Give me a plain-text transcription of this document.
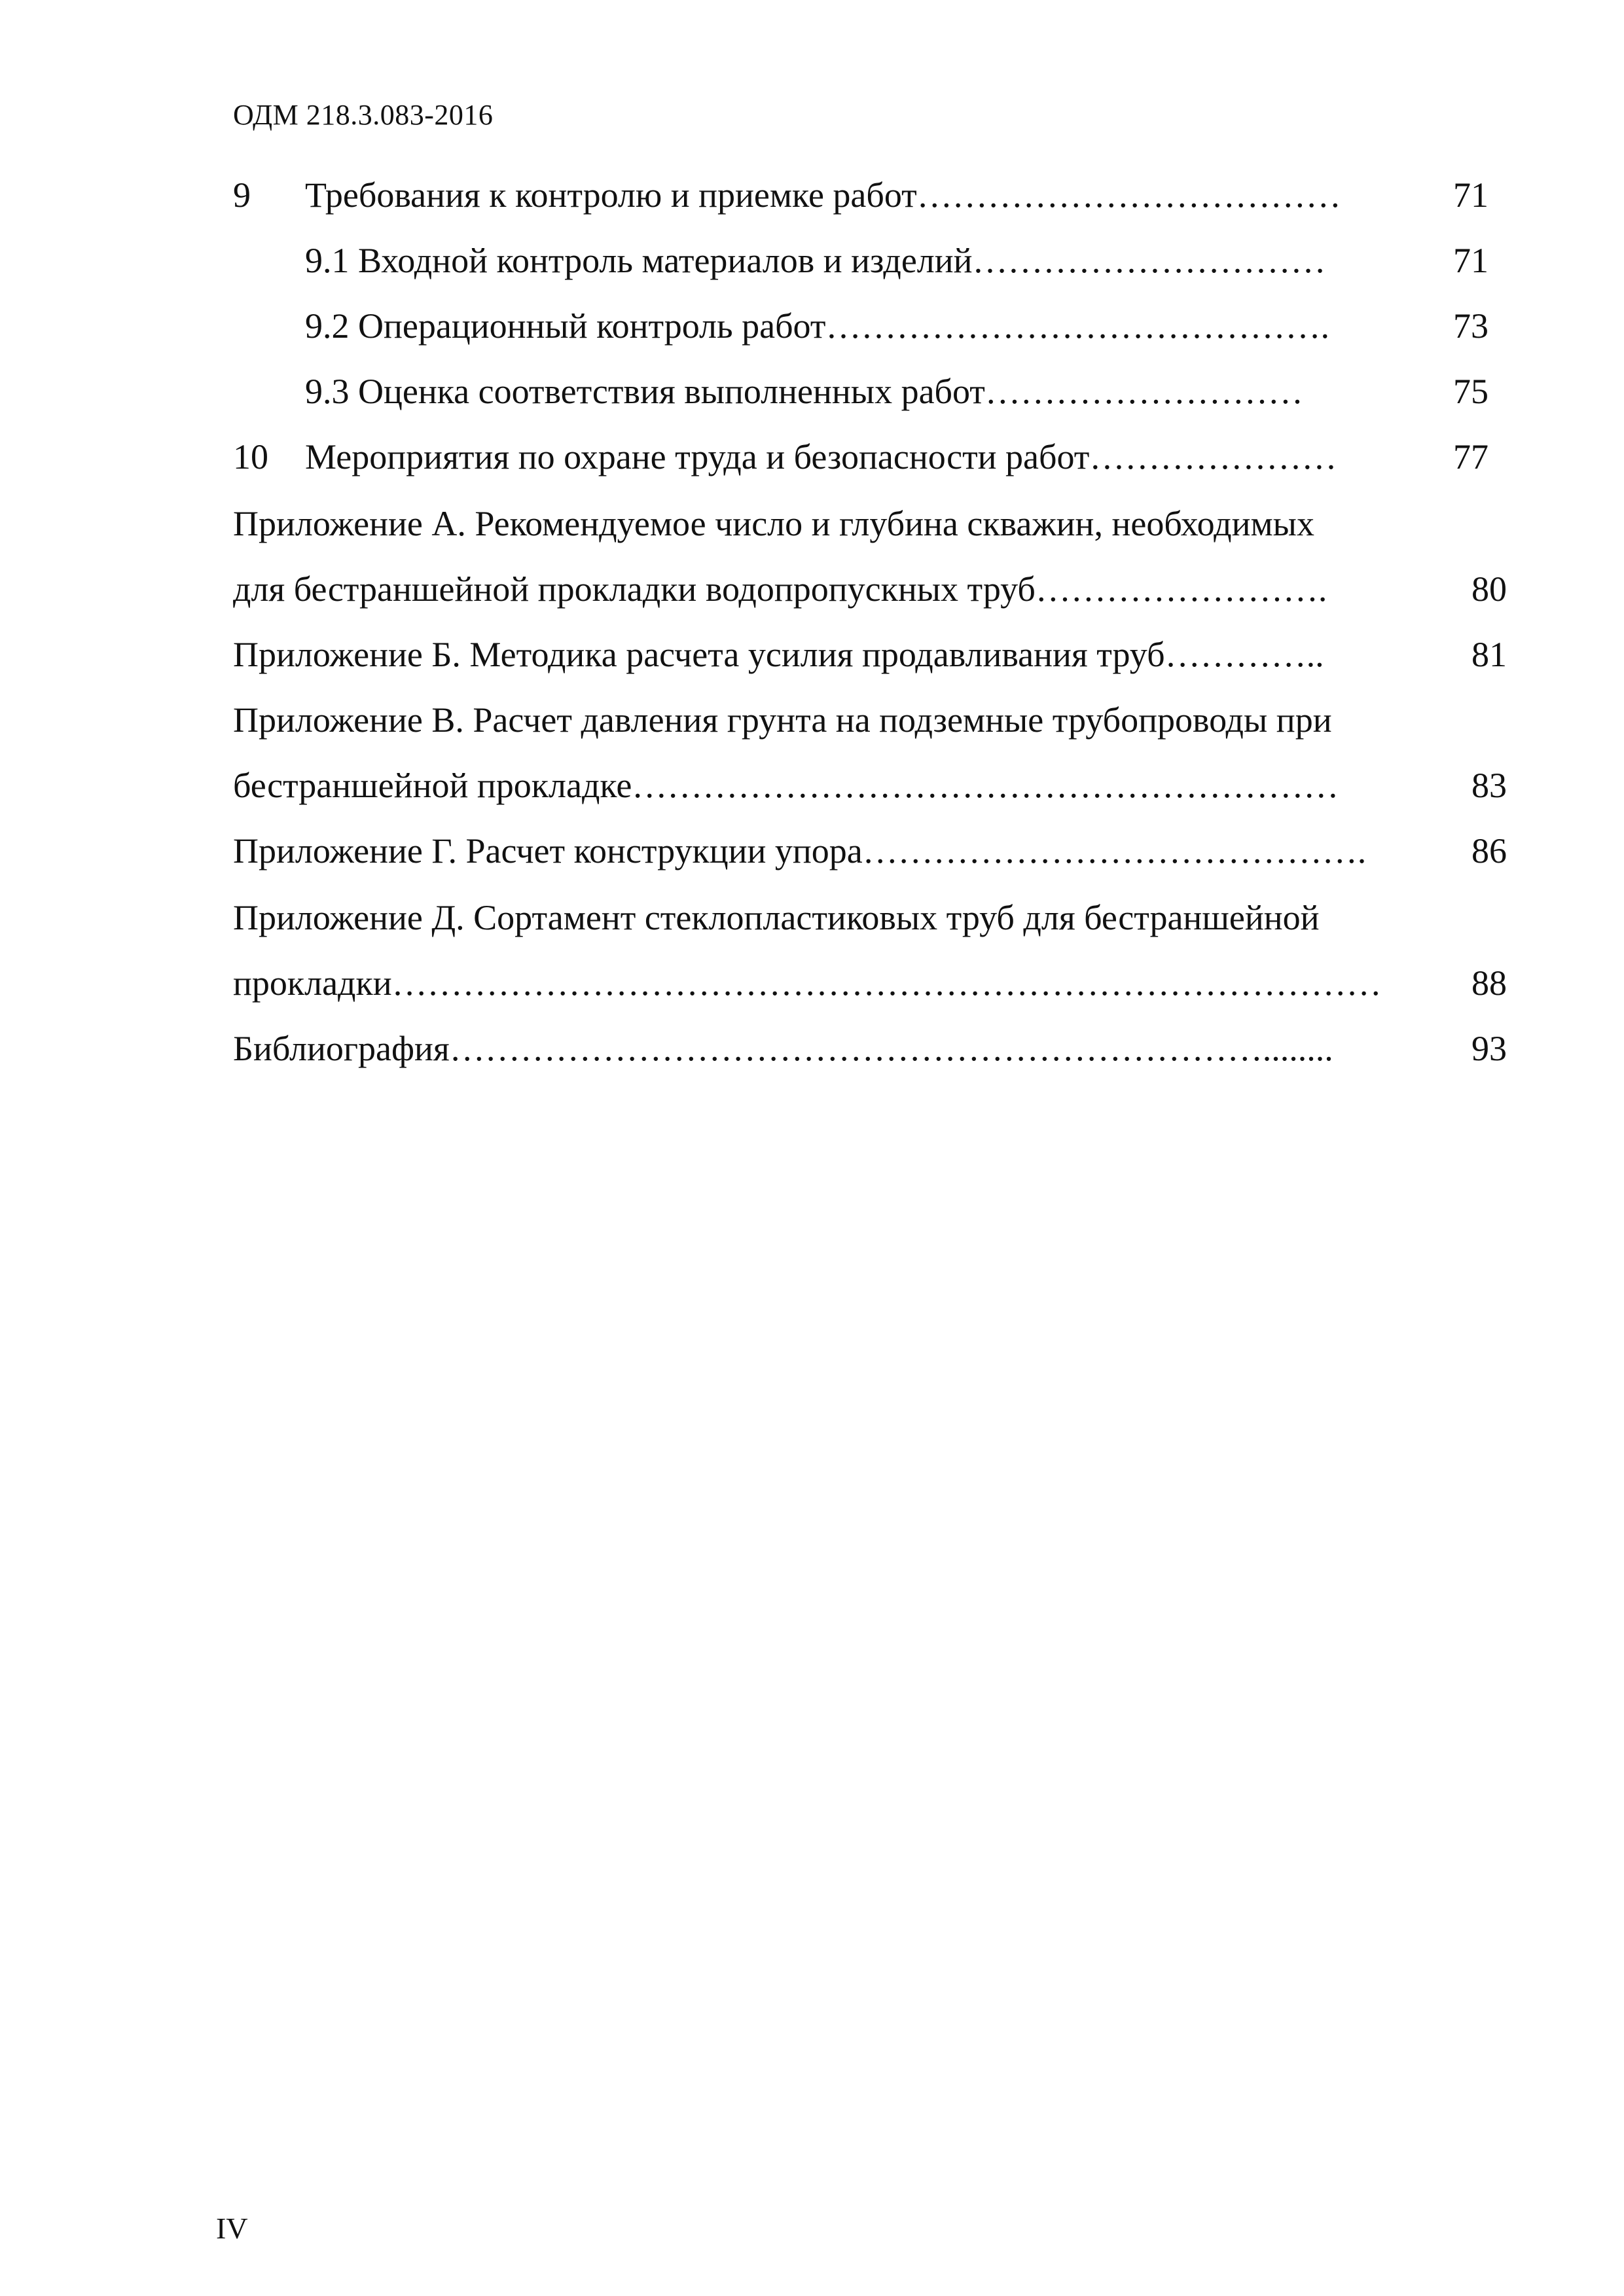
ОДМ 218.3.083-2016
9 Требования к контролю и приемке работ………………………………	71
9.1 Входной контроль материалов и изделий…………………………	71
9.2 Операционный контроль работ…………………………………….	73
9.3 Оценка соответствия выполненных работ………………………	75
10 Мероприятия по охране труда и безопасности работ…………………	77
Приложение А. Рекомендуемое число и глубина скважин, необходимых
для бестраншейной прокладки водопропускных труб…………………….	80
Приложение Б. Методика расчета усилия продавливания труб…………..	81
Приложение В. Расчет давления грунта на подземные трубопроводы при
бестраншейной прокладке……………………………………………………	83
Приложение Г. Расчет конструкции упора…………………………………….	86
Приложение Д. Сортамент стеклопластиковых труб для бестраншейной
прокладки…………………………………………………………………………	88
Библиография……………………………………………………………........	93
IV
